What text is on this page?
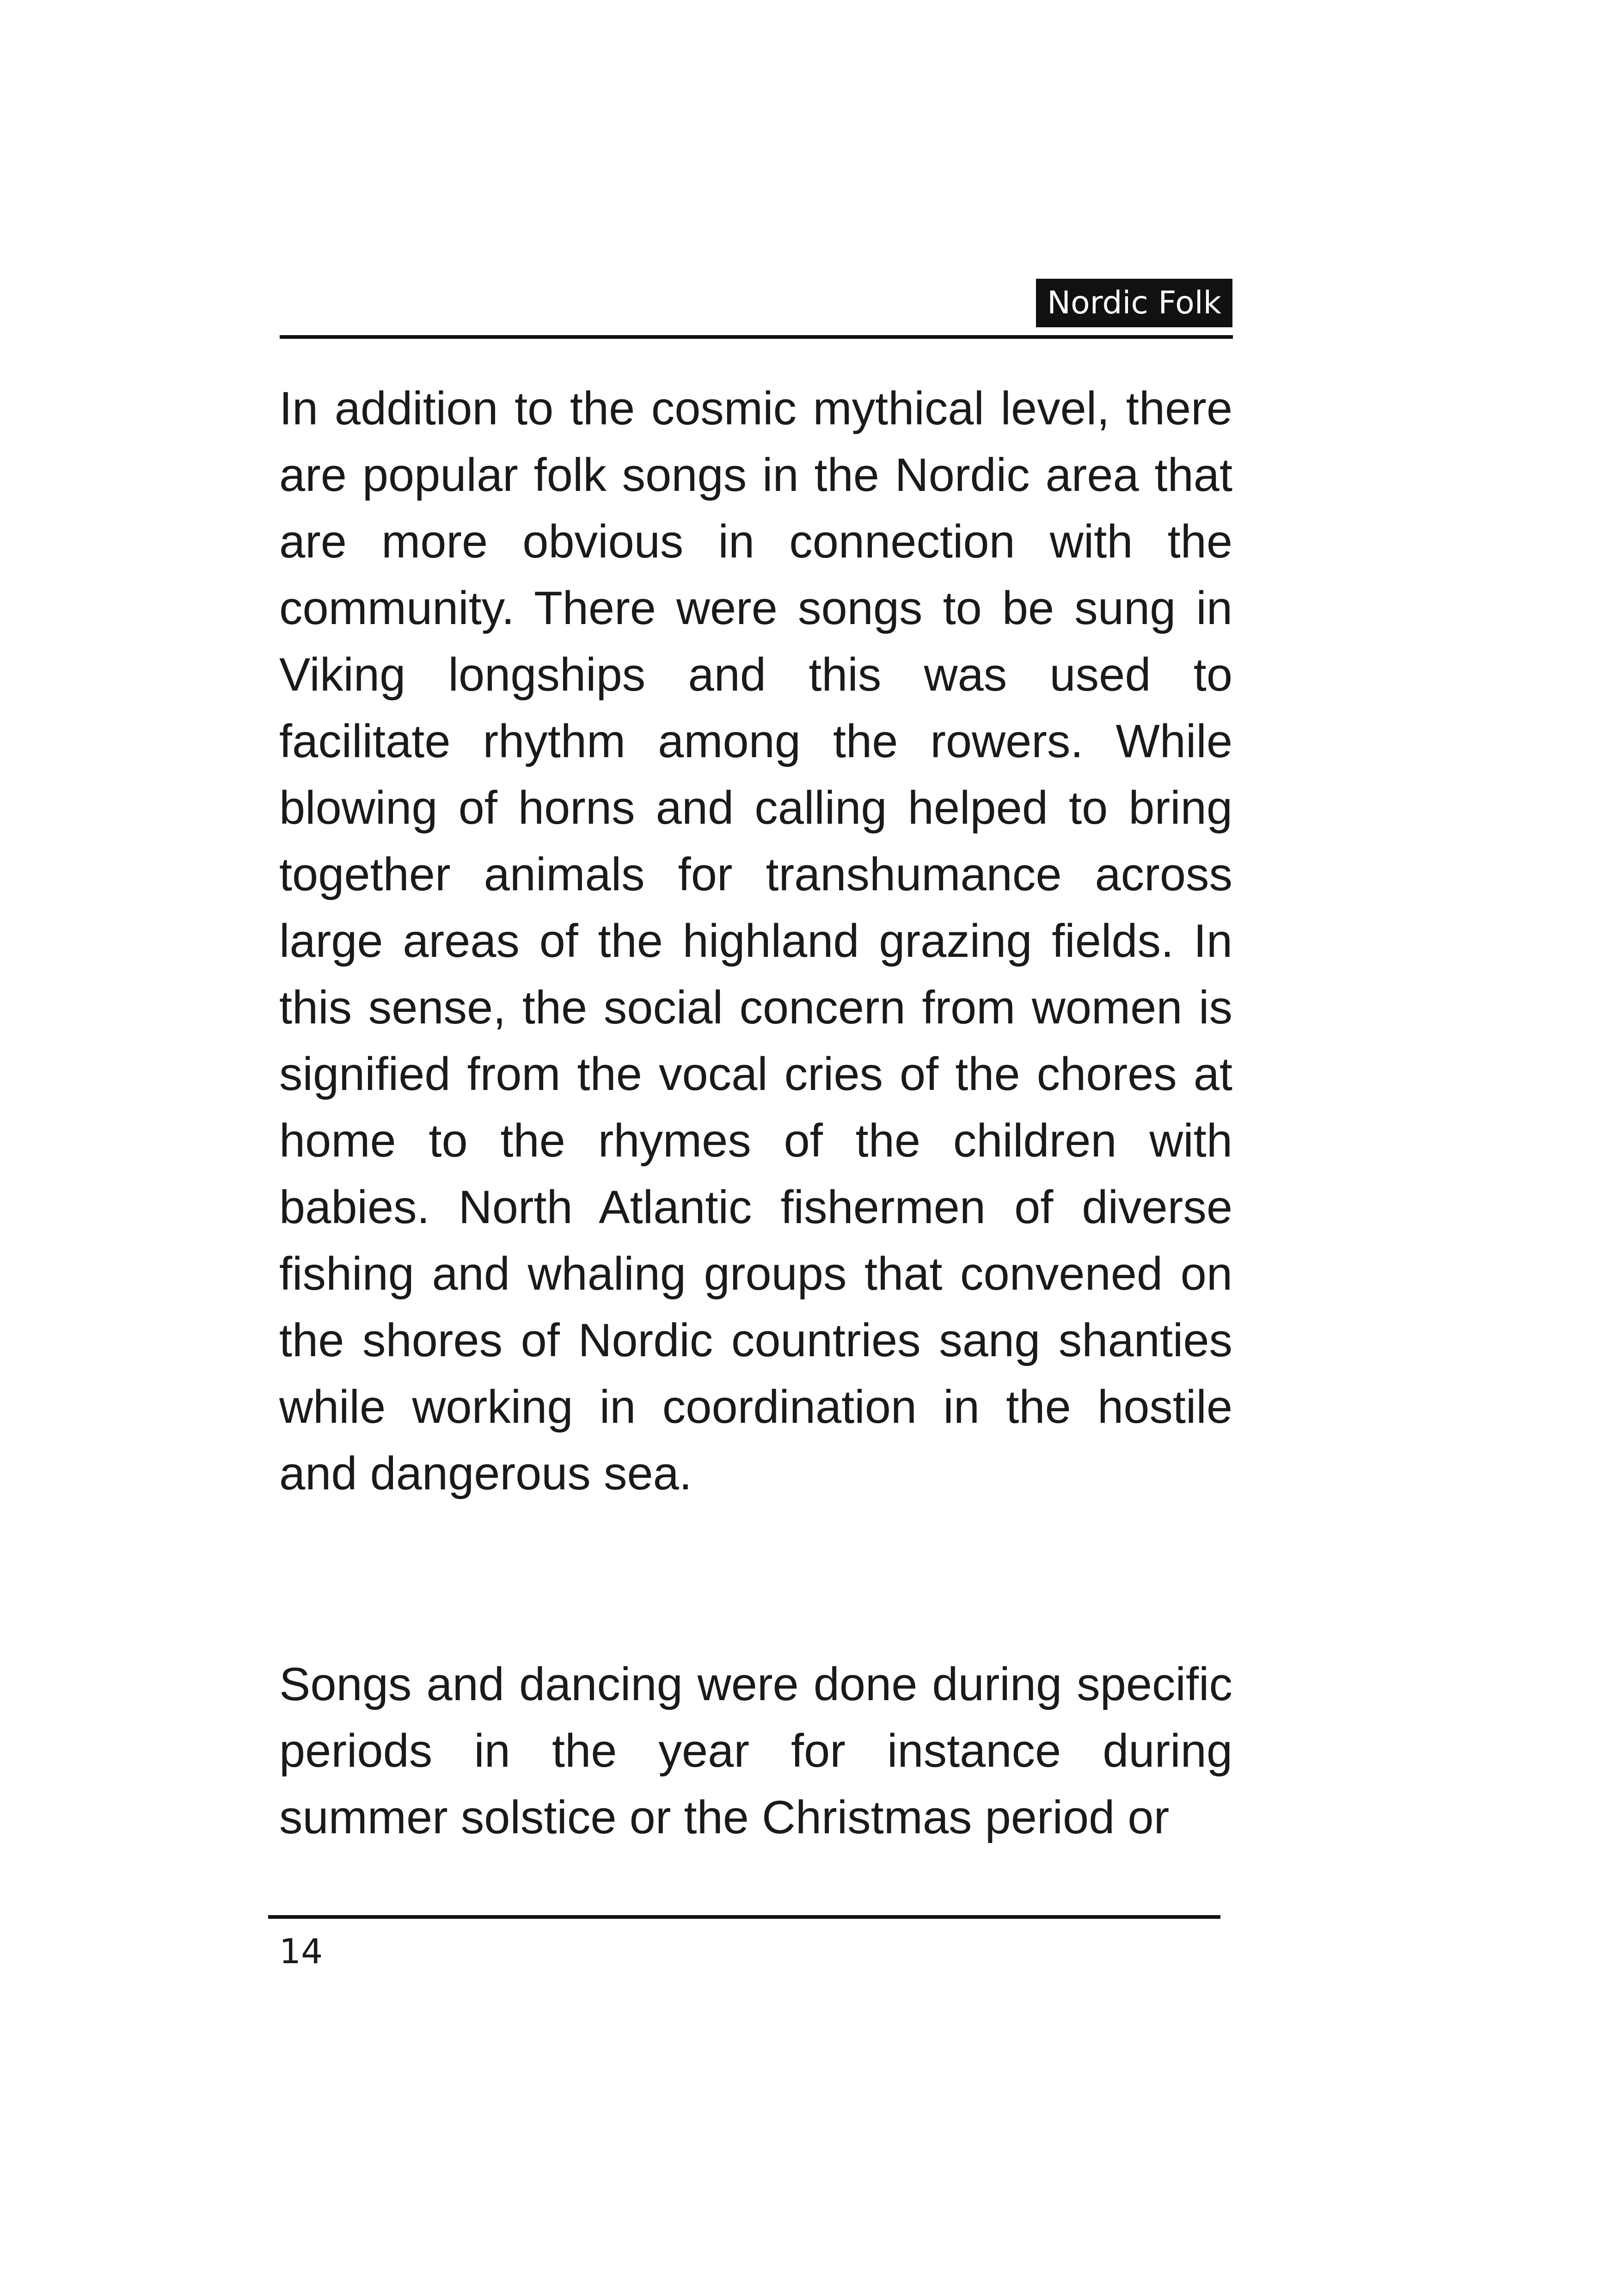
Nordic Folk

In addition to the cosmic mythical level, there are popular folk songs in the Nordic area that are more obvious in connection with the community. There were songs to be sung in Viking longships and this was used to facilitate rhythm among the rowers. While blowing of horns and calling helped to bring together animals for transhumance across large areas of the highland grazing fields. In this sense, the social concern from women is signified from the vocal cries of the chores at home to the rhymes of the children with babies. North Atlantic fishermen of diverse fishing and whaling groups that convened on the shores of Nordic countries sang shanties while working in coordination in the hostile and dangerous sea.

Songs and dancing were done during specific periods in the year for instance during summer solstice or the Christmas period or

14
